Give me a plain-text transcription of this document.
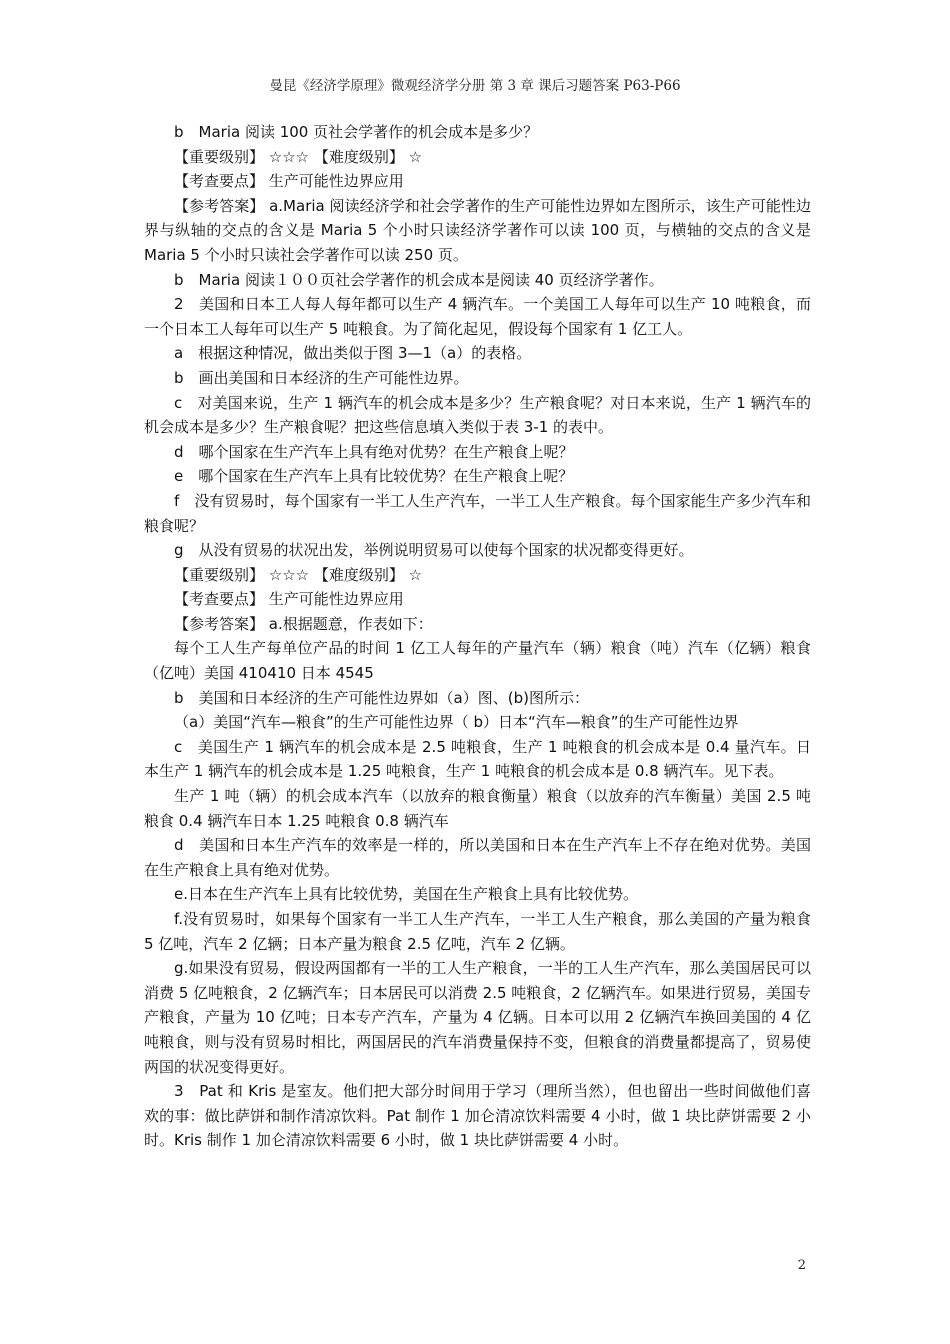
曼昆《经济学原理》微观经济学分册 第 3 章 课后习题答案 P63-P66

b　Maria 阅读 100 页社会学著作的机会成本是多少？

【重要级别】 ☆☆☆ 【难度级别】 ☆

【考查要点】 生产可能性边界应用

【参考答案】 a.Maria 阅读经济学和社会学著作的生产可能性边界如左图所示，该生产可能性边界与纵轴的交点的含义是 Maria 5 个小时只读经济学著作可以读 100 页，与横轴的交点的含义是 Maria 5 个小时只读社会学著作可以读 250 页。

b　Maria 阅读１００页社会学著作的机会成本是阅读 40 页经济学著作。

2　美国和日本工人每人每年都可以生产 4 辆汽车。一个美国工人每年可以生产 10 吨粮食，而一个日本工人每年可以生产 5 吨粮食。为了简化起见，假设每个国家有 1 亿工人。

a　根据这种情况，做出类似于图 3—1（a）的表格。

b　画出美国和日本经济的生产可能性边界。

c　对美国来说，生产 1 辆汽车的机会成本是多少？生产粮食呢？对日本来说，生产 1 辆汽车的机会成本是多少？生产粮食呢？把这些信息填入类似于表 3-1 的表中。

d　哪个国家在生产汽车上具有绝对优势？在生产粮食上呢？

e　哪个国家在生产汽车上具有比较优势？在生产粮食上呢？

f　没有贸易时，每个国家有一半工人生产汽车，一半工人生产粮食。每个国家能生产多少汽车和粮食呢？

g　从没有贸易的状况出发，举例说明贸易可以使每个国家的状况都变得更好。

【重要级别】 ☆☆☆ 【难度级别】 ☆

【考查要点】 生产可能性边界应用

【参考答案】 a.根据题意，作表如下：

每个工人生产每单位产品的时间 1 亿工人每年的产量汽车（辆）粮食（吨）汽车（亿辆）粮食（亿吨）美国 410410 日本 4545

b　美国和日本经济的生产可能性边界如（a）图、(b)图所示：

（a）美国“汽车—粮食”的生产可能性边界（ b）日本“汽车—粮食”的生产可能性边界

c　美国生产 1 辆汽车的机会成本是 2.5 吨粮食，生产 1 吨粮食的机会成本是 0.4 量汽车。日本生产 1 辆汽车的机会成本是 1.25 吨粮食，生产 1 吨粮食的机会成本是 0.8 辆汽车。见下表。

生产 1 吨（辆）的机会成本汽车（以放弃的粮食衡量）粮食（以放弃的汽车衡量）美国 2.5 吨粮食 0.4 辆汽车日本 1.25 吨粮食 0.8 辆汽车

d　美国和日本生产汽车的效率是一样的，所以美国和日本在生产汽车上不存在绝对优势。美国在生产粮食上具有绝对优势。

e.日本在生产汽车上具有比较优势，美国在生产粮食上具有比较优势。

f.没有贸易时，如果每个国家有一半工人生产汽车，一半工人生产粮食，那么美国的产量为粮食 5 亿吨，汽车 2 亿辆；日本产量为粮食 2.5 亿吨，汽车 2 亿辆。

g.如果没有贸易，假设两国都有一半的工人生产粮食，一半的工人生产汽车，那么美国居民可以消费 5 亿吨粮食，2 亿辆汽车；日本居民可以消费 2.5 吨粮食，2 亿辆汽车。如果进行贸易，美国专产粮食，产量为 10 亿吨；日本专产汽车，产量为 4 亿辆。日本可以用 2 亿辆汽车换回美国的 4 亿吨粮食，则与没有贸易时相比，两国居民的汽车消费量保持不变，但粮食的消费量都提高了，贸易使两国的状况变得更好。

3　Pat 和 Kris 是室友。他们把大部分时间用于学习（理所当然），但也留出一些时间做他们喜欢的事：做比萨饼和制作清凉饮料。Pat 制作 1 加仑清凉饮料需要 4 小时，做 1 块比萨饼需要 2 小时。Kris 制作 1 加仑清凉饮料需要 6 小时，做 1 块比萨饼需要 4 小时。

2
